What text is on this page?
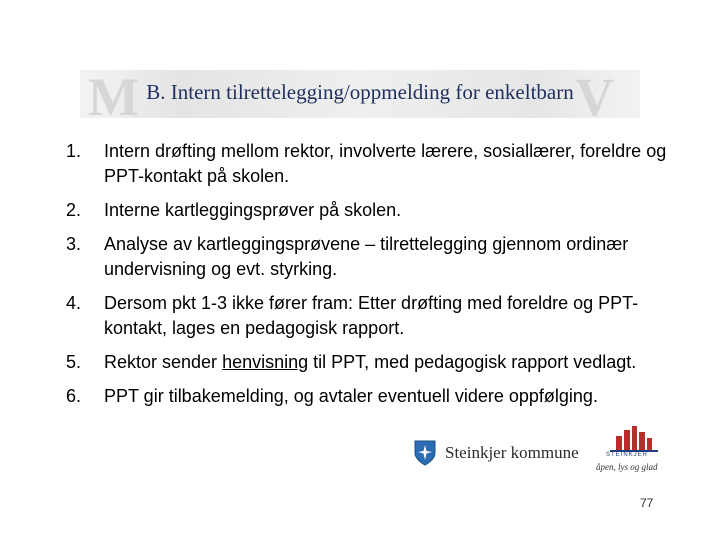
M	V
B. Intern tilrettelegging/oppmelding for enkeltbarn
1. Intern drøfting mellom rektor, involverte lærere, sosiallærer, foreldre og PPT-kontakt på skolen.
2. Interne kartleggingsprøver på skolen.
3. Analyse av kartleggingsprøvene – tilrettelegging gjennom ordinær undervisning og evt. styrking.
4. Dersom pkt 1-3 ikke fører fram: Etter drøfting med foreldre og PPT-kontakt, lages en pedagogisk rapport.
5. Rektor sender henvisning til PPT, med pedagogisk rapport vedlagt.
6. PPT gir tilbakemelding, og avtaler eventuell videre oppfølging.
Steinkjer kommune	STEINKJER
åpen, lys og glad
77
